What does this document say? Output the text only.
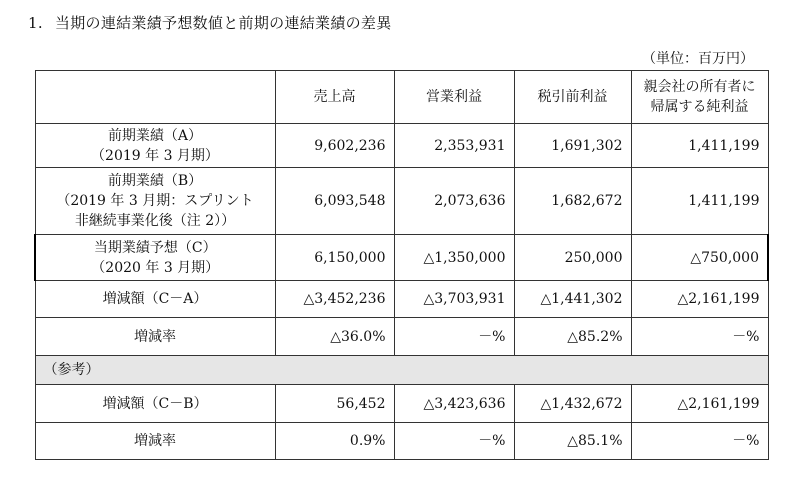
1. 当期の連結業績予想数値と前期の連結業績の差異
（単位：百万円）
	売上高	営業利益	税引前利益	親会社の所有者に
帰属する純利益

前期業績（A）
（2019 年 3 月期）	9,602,236	2,353,931	1,691,302	1,411,199

前期業績（B）
（2019 年 3 月期：スプリント
非継続事業化後（注 2））	6,093,548	2,073,636	1,682,672	1,411,199

当期業績予想（C）
（2020 年 3 月期）	6,150,000	△1,350,000	250,000	△750,000
増減額（C－A）	△3,452,236	△3,703,931	△1,441,302	△2,161,199
増減率	△36.0%	－%	△85.2%	－%
（参考）				
増減額（C－B）	56,452	△3,423,636	△1,432,672	△2,161,199
増減率	0.9%	－%	△85.1%	－%
